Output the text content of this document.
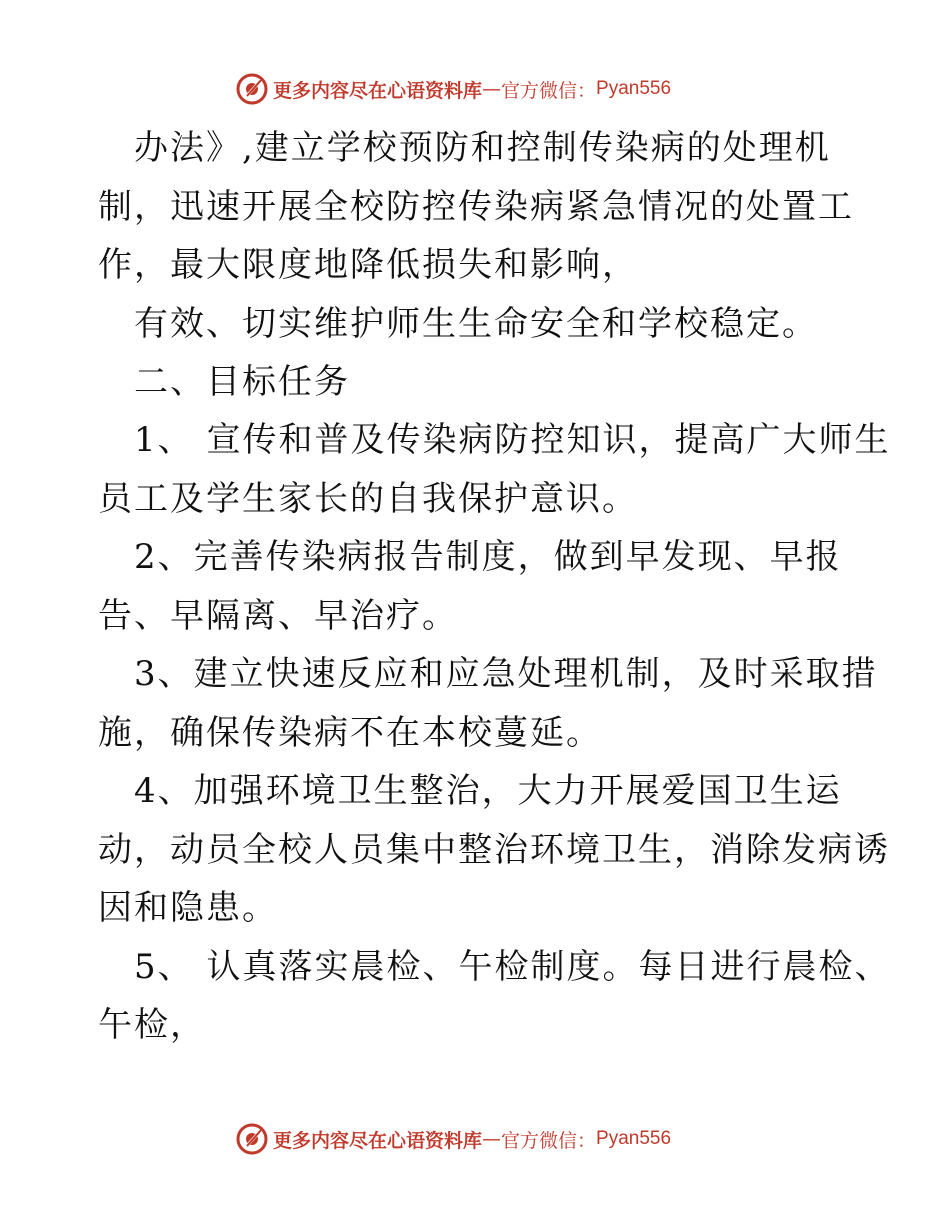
更多内容尽在心语资料库 — 官方微信： Pyan556
办法》,建立学校预防和控制传染病的处理机
制，迅速开展全校防控传染病紧急情况的处置工
作，最大限度地降低损失和影响，
有效、切实维护师生生命安全和学校稳定。
二、目标任务
1、 宣传和普及传染病防控知识，提高广大师生
员工及学生家长的自我保护意识。
2、完善传染病报告制度，做到早发现、早报
告、早隔离、早治疗。
3、建立快速反应和应急处理机制，及时采取措
施，确保传染病不在本校蔓延。
4、加强环境卫生整治，大力开展爱国卫生运
动，动员全校人员集中整治环境卫生，消除发病诱
因和隐患。
5、 认真落实晨检、午检制度。每日进行晨检、
午检，
更多内容尽在心语资料库 — 官方微信： Pyan556
